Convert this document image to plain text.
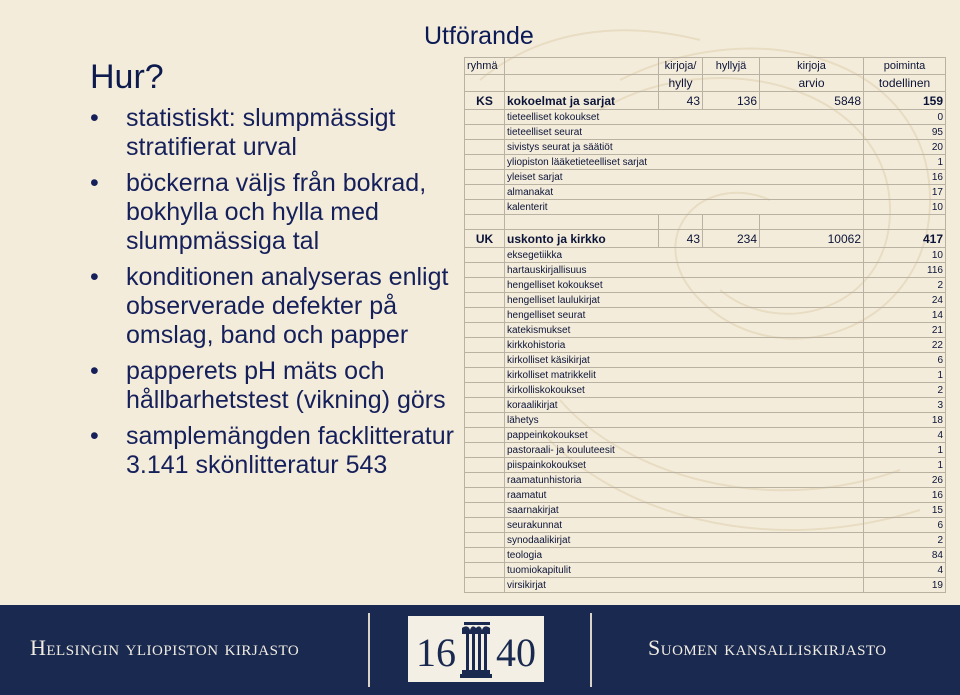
Hur?
• statistiskt: slumpmässigt stratifierat urval
• böckerna väljs från bokrad, bokhylla och hylla med slumpmässiga tal
• konditionen analyseras enligt observerade defekter på omslag, band och papper
• papperets pH mäts och hållbarhetstest (vikning) görs
• samplemängden facklitteratur 3.141 skönlitteratur 543
Utförande
ryhmä		kirjoja/	hyllyjä	kirjoja	poiminta
		hylly		arvio	todellinen
KS	kokoelmat ja sarjat	43	136	5848	159
	tieteelliset kokoukset				0
	tieteelliset seurat				95
	sivistys seurat ja säätiöt				20
	yliopiston lääketieteelliset sarjat				1
	yleiset sarjat				16
	almanakat				17
	kalenterit				10

UK	uskonto ja kirkko	43	234	10062	417
	eksegetiikka				10
	hartauskirjallisuus				116
	hengelliset kokoukset				2
	hengelliset laulukirjat				24
	hengelliset seurat				14
	katekismukset				21
	kirkkohistoria				22
	kirkolliset käsikirjat				6
	kirkolliset matrikkelit				1
	kirkolliskokoukset				2
	koraalikirjat				3
	lähetys				18
	pappeinkokoukset				4
	pastoraali- ja kouluteesit				1
	piispainkokoukset				1
	raamatunhistoria				26
	raamatut				16
	saarnakirjat				15
	seurakunnat				6
	synodaalikirjat				2
	teologia				84
	tuomiokapitulit				4
	virsikirjat				19
Helsingin yliopiston kirjasto	Suomen kansalliskirjasto
16 40
